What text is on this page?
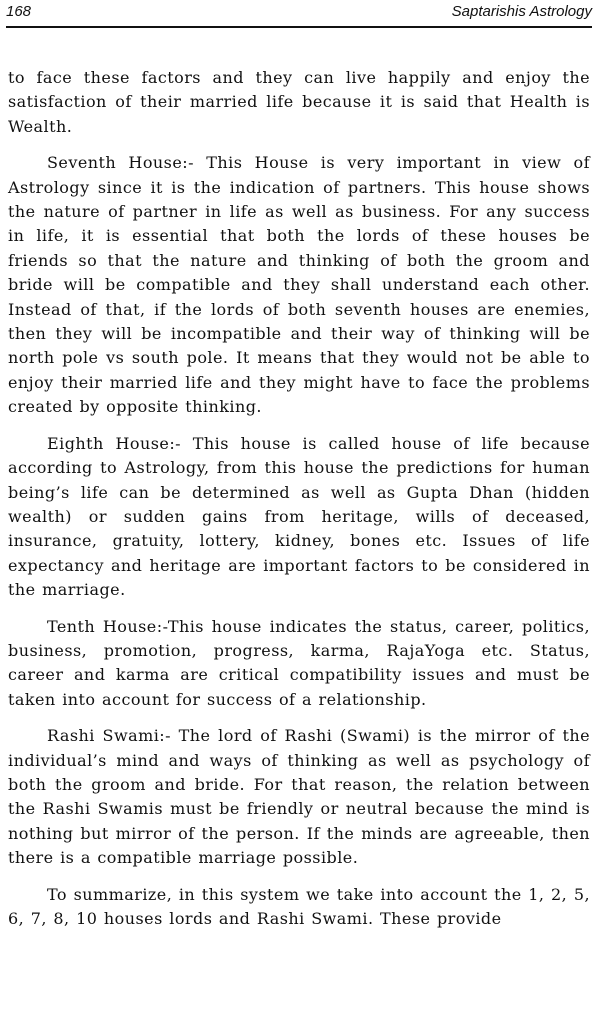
168	Saptarishis Astrology

to face these factors and they can live happily and enjoy the satisfaction of their married life because it is said that Health is Wealth.

Seventh House:- This House is very important in view of Astrology since it is the indication of partners. This house shows the nature of partner in life as well as business. For any success in life, it is essential that both the lords of these houses be friends so that the nature and thinking of both the groom and bride will be compatible and they shall understand each other. Instead of that, if the lords of both seventh houses are enemies, then they will be incompatible and their way of thinking will be north pole vs south pole. It means that they would not be able to enjoy their married life and they might have to face the problems created by opposite thinking.

Eighth House:- This house is called house of life because according to Astrology, from this house the predictions for human being’s life can be determined as well as Gupta Dhan (hidden wealth) or sudden gains from heritage, wills of deceased, insurance, gratuity, lottery, kidney, bones etc. Issues of life expectancy and heritage are important factors to be considered in the marriage.

Tenth House:-This house indicates the status, career, politics, business, promotion, progress, karma, RajaYoga etc. Status, career and karma are critical compatibility issues and must be taken into account for success of a relationship.

Rashi Swami:- The lord of Rashi (Swami) is the mirror of the individual’s mind and ways of thinking as well as psychology of both the groom and bride. For that reason, the relation between the Rashi Swamis must be friendly or neutral because the mind is nothing but mirror of the person. If the minds are agreeable, then there is a compatible marriage possible.

To summarize, in this system we take into account the 1, 2, 5, 6, 7, 8, 10 houses lords and Rashi Swami. These provide
